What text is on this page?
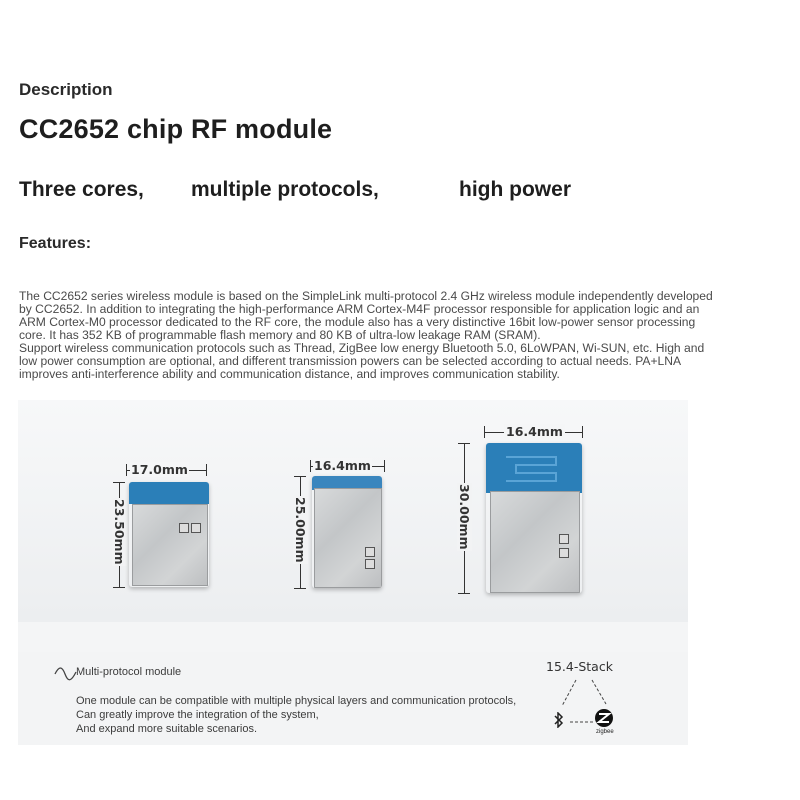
Description
CC2652 chip RF module
Three cores, multiple protocols,	high power
Features:
The CC2652 series wireless module is based on the SimpleLink multi-protocol 2.4 GHz wireless module independently developed
by CC2652. In addition to integrating the high-performance ARM Cortex-M4F processor responsible for application logic and an
ARM Cortex-M0 processor dedicated to the RF core, the module also has a very distinctive 16bit low-power sensor processing
core. It has 352 KB of programmable flash memory and 80 KB of ultra-low leakage RAM (SRAM).
Support wireless communication protocols such as Thread, ZigBee low energy Bluetooth 5.0, 6LoWPAN, Wi-SUN, etc. High and
low power consumption are optional, and different transmission powers can be selected according to actual needs. PA+LNA
improves anti-interference ability and communication distance, and improves communication stability.
17.0mm
23.50mm
16.4mm
25.00mm
16.4mm
30.00mm
Multi-protocol module
One module can be compatible with multiple physical layers and communication protocols,
Can greatly improve the integration of the system,
And expand more suitable scenarios.
15.4-Stack
zigbee
